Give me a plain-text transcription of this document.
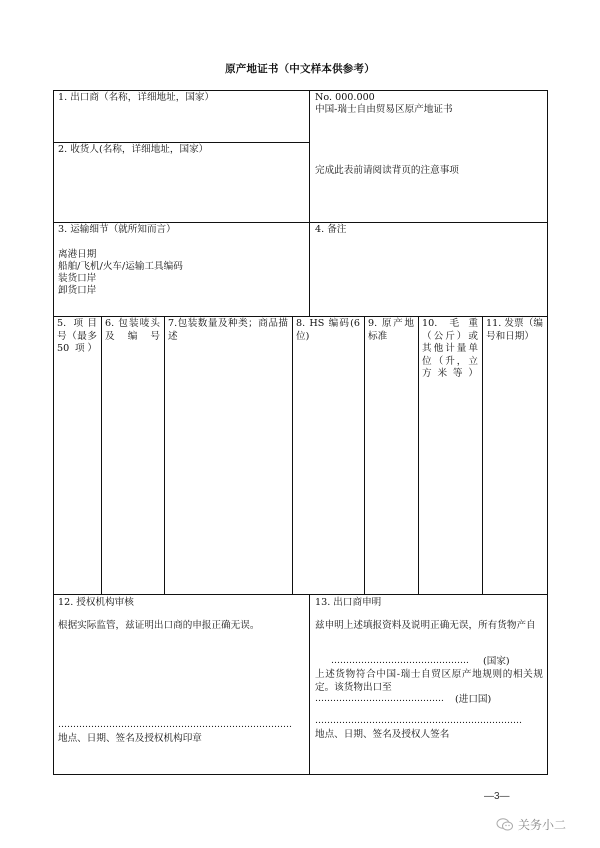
原产地证书（中文样本供参考）
1. 出口商（名称，详细地址，国家）
2. 收货人(名称，详细地址，国家）
No. 000.000
中国-瑞士自由贸易区原产地证书
完成此表前请阅读背页的注意事项
3. 运输细节（就所知而言）
离港日期
船舶/飞机/火车/运输工具编码
装货口岸
卸货口岸
4. 备注
5. 项目号（最多 50 项）
6. 包装唛头及编号
7.包装数量及种类；商品描述
8. HS 编码(6 位)
9. 原产地标准
10. 毛重（公斤）或其他计量单位（升，立方米等）
11. 发票（编号和日期）
12. 授权机构审核
根据实际监管，兹证明出口商的申报正确无误。
……………………………………………………………………
地点、日期、签名及授权机构印章
13. 出口商申明
兹申明上述填报资料及说明正确无误，所有货物产自
……………………………………….	(国家)
上述货物符合中国-瑞士自贸区原产地规则的相关规定。该货物出口至
…………………………………….	(进口国)
……………………………………………………………
地点、日期、签名及授权人签名
—3—
关务小二
